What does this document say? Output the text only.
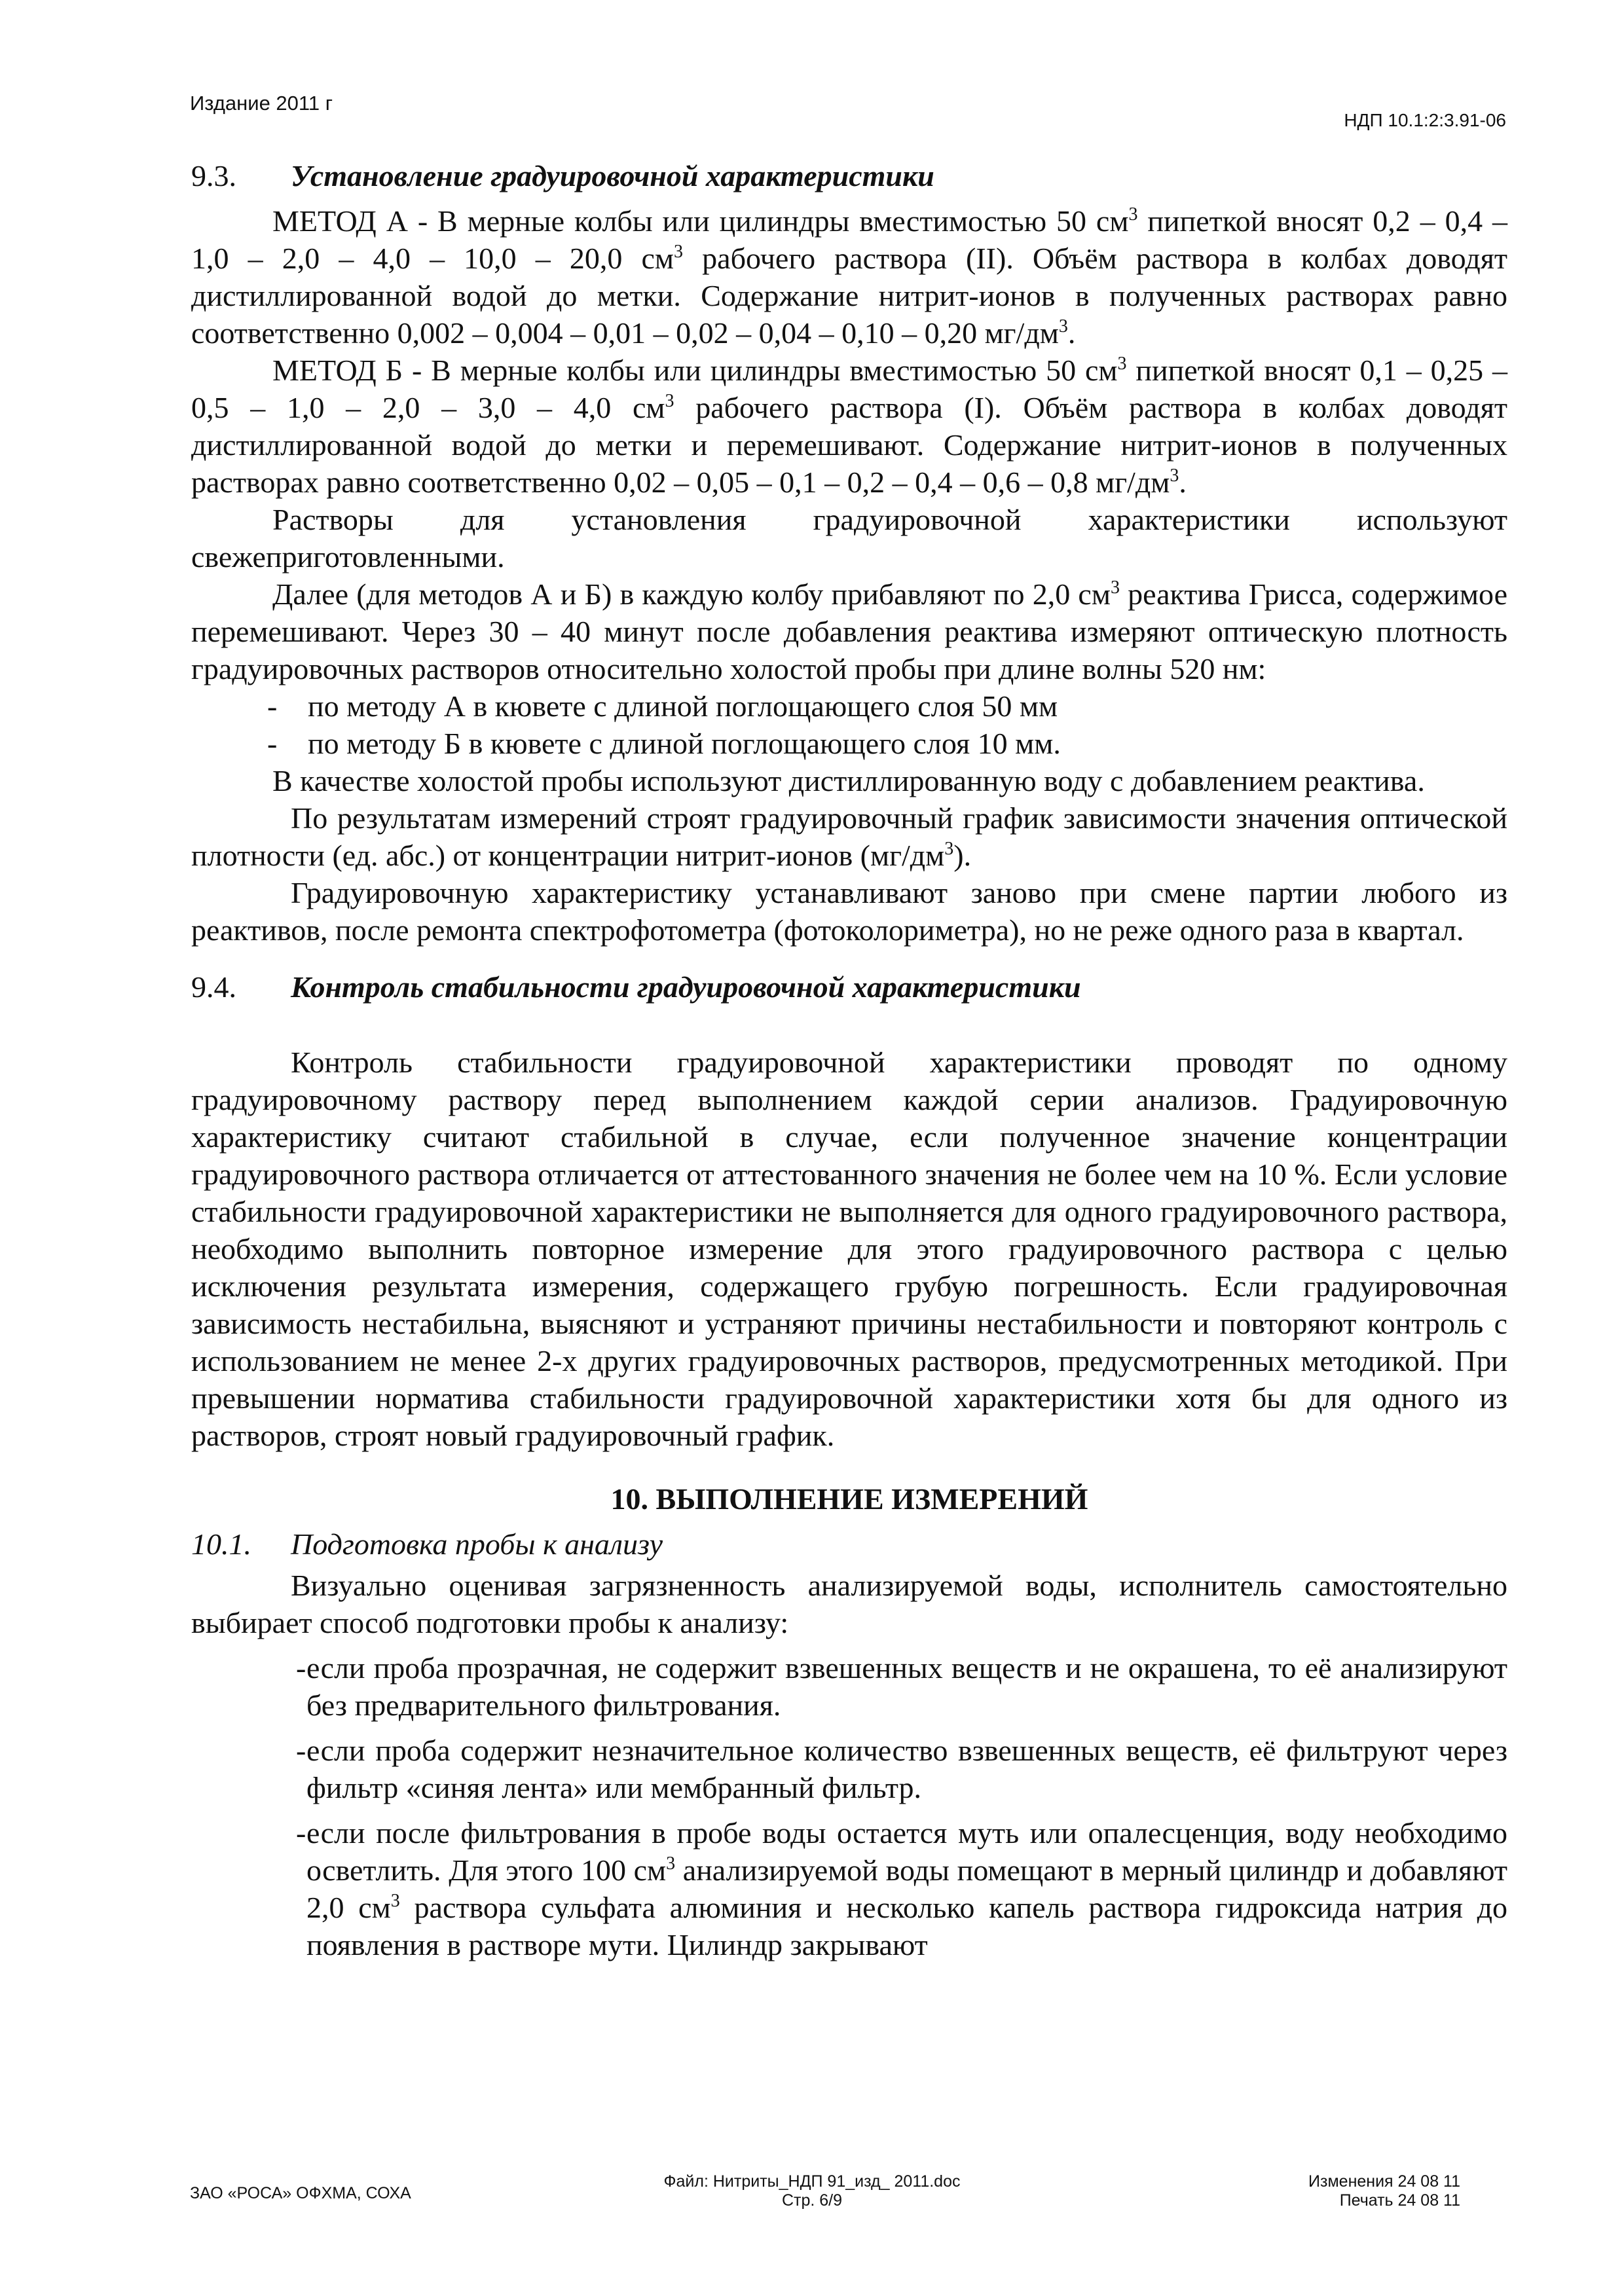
Издание 2011 г
НДП 10.1:2:3.91-06
9.3. Установление градуировочной характеристики

МЕТОД А - В мерные колбы или цилиндры вместимостью 50 $см^3$ пипеткой вносят 0,2 – 0,4 – 1,0 – 2,0 – 4,0 – 10,0 – 20,0 $см^3$ рабочего раствора (II). Объём раствора в колбах доводят дистиллированной водой до метки. Содержание нитрит-ионов в полученных растворах равно соответственно 0,002 – 0,004 – 0,01 – 0,02 – 0,04 – 0,10 – 0,20 $мг/дм^3$.

МЕТОД Б - В мерные колбы или цилиндры вместимостью 50 $см^3$ пипеткой вносят 0,1 – 0,25 – 0,5 – 1,0 – 2,0 – 3,0 – 4,0 $см^3$ рабочего раствора (I). Объём раствора в колбах доводят дистиллированной водой до метки и перемешивают. Содержание нитрит-ионов в полученных растворах равно соответственно 0,02 – 0,05 – 0,1 – 0,2 – 0,4 – 0,6 – 0,8 $мг/дм^3$.

Растворы для установления градуировочной характеристики используют свежеприготовленными.

Далее (для методов А и Б) в каждую колбу прибавляют по 2,0 $см^3$ реактива Грисса, содержимое перемешивают. Через 30 – 40 минут после добавления реактива измеряют оптическую плотность градуировочных растворов относительно холостой пробы при длине волны 520 нм:

- по методу А в кювете с длиной поглощающего слоя 50 мм

- по методу Б в кювете с длиной поглощающего слоя 10 мм.

В качестве холостой пробы используют дистиллированную воду с добавлением реактива.

По результатам измерений строят градуировочный график зависимости значения оптической плотности (ед. абс.) от концентрации нитрит-ионов $(мг/дм^3)$.

Градуировочную характеристику устанавливают заново при смене партии любого из реактивов, после ремонта спектрофотометра (фотоколориметра), но не реже одного раза в квартал.

9.4. Контроль стабильности градуировочной характеристики

Контроль стабильности градуировочной характеристики проводят по одному градуировочному раствору перед выполнением каждой серии анализов. Градуировочную характеристику считают стабильной в случае, если полученное значение концентрации градуировочного раствора отличается от аттестованного значения не более чем на 10 %. Если условие стабильности градуировочной характеристики не выполняется для одного градуировочного раствора, необходимо выполнить повторное измерение для этого градуировочного раствора с целью исключения результата измерения, содержащего грубую погрешность. Если градуировочная зависимость нестабильна, выясняют и устраняют причины нестабильности и повторяют контроль с использованием не менее 2-х других градуировочных растворов, предусмотренных методикой. При превышении норматива стабильности градуировочной характеристики хотя бы для одного из растворов, строят новый градуировочный график.

10. ВЫПОЛНЕНИЕ ИЗМЕРЕНИЙ
10.1. Подготовка пробы к анализу

Визуально оценивая загрязненность анализируемой воды, исполнитель самостоятельно выбирает способ подготовки пробы к анализу:

- если проба прозрачная, не содержит взвешенных веществ и не окрашена, то её анализируют без предварительного фильтрования.

- если проба содержит незначительное количество взвешенных веществ, её фильтруют через фильтр «синяя лента» или мембранный фильтр.

- если после фильтрования в пробе воды остается муть или опалесценция, воду необходимо осветлить. Для этого 100 $см^3$ анализируемой воды помещают в мерный цилиндр и добавляют 2,0 $см^3$ раствора сульфата алюминия и несколько капель раствора гидроксида натрия до появления в растворе мути. Цилиндр закрывают

ЗАО «РОСА» ОФХМА, СОХА
Файл: Нитриты_НДП 91_изд_ 2011.doc
Стр. 6/9
Изменения 24 08 11
Печать 24 08 11
